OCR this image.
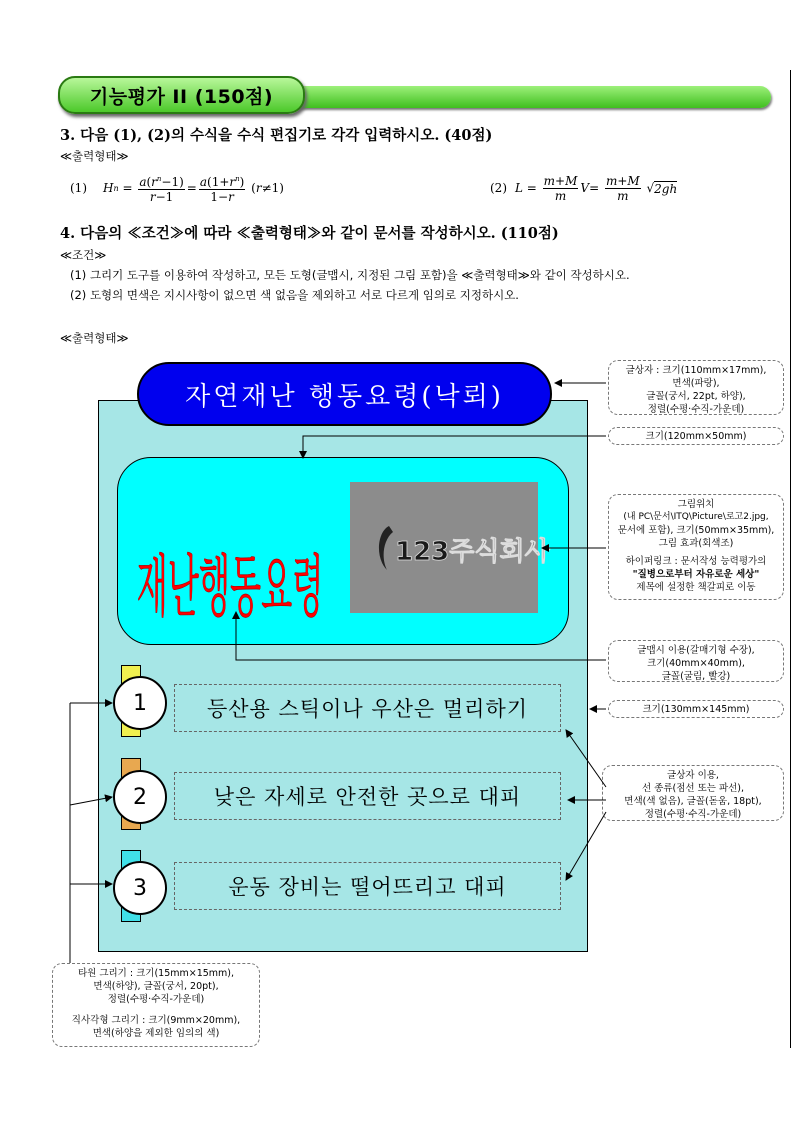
기능평가 II (150점)
3. 다음 (1), (2)의 수식을 수식 편집기로 각각 입력하시오. (40점)
≪출력형태≫
(1) H $n = \frac{a(r^n-1)}{r-1} = \frac{a(1+r^n)}{1-r}$ ( r ≠1)	(2) $L = \frac{m+M}{m}$ $V = \frac{m+M}{m}$ √ 2gh
4. 다음의 ≪조건≫에 따라 ≪출력형태≫와 같이 문서를 작성하시오. (110점)
≪조건≫
(1) 그리기 도구를 이용하여 작성하고, 모든 도형(글맵시, 지정된 그림 포함)을 ≪출력형태≫와 같이 작성하시오.
(2) 도형의 면색은 지시사항이 없으면 색 없음을 제외하고 서로 다르게 임의로 지정하시오.
≪출력형태≫
자연재난 행동요령(낙뢰)
재난행동요령	123주식회사
1
2
3
등산용 스틱이나 우산은 멀리하기
낮은 자세로 안전한 곳으로 대피
운동 장비는 떨어뜨리고 대피
글상자 : 크기(110mm×17mm),
면색(파랑),
글꼴(궁서, 22pt, 하양),
정렬(수평·수직-가운데)
크기(120mm×50mm)
그림위치
(내 PC\문서\ITQ\Picture\로고2.jpg,
문서에 포함), 크기(50mm×35mm),
그림 효과(회색조)
하이퍼링크 : 문서작성 능력평가의
"질병으로부터 자유로운 세상"
제목에 설정한 책갈피로 이동
글맵시 이용(갈매기형 수장),
크기(40mm×40mm),
글꼴(굴림, 빨강)
크기(130mm×145mm)
글상자 이용,
선 종류(점선 또는 파선),
면색(색 없음), 글꼴(돋움, 18pt),
정렬(수평·수직-가운데)
타원 그리기 : 크기(15mm×15mm),
면색(하양), 글꼴(궁서, 20pt),
정렬(수평·수직-가운데)
직사각형 그리기 : 크기(9mm×20mm),
면색(하양을 제외한 임의의 색)
